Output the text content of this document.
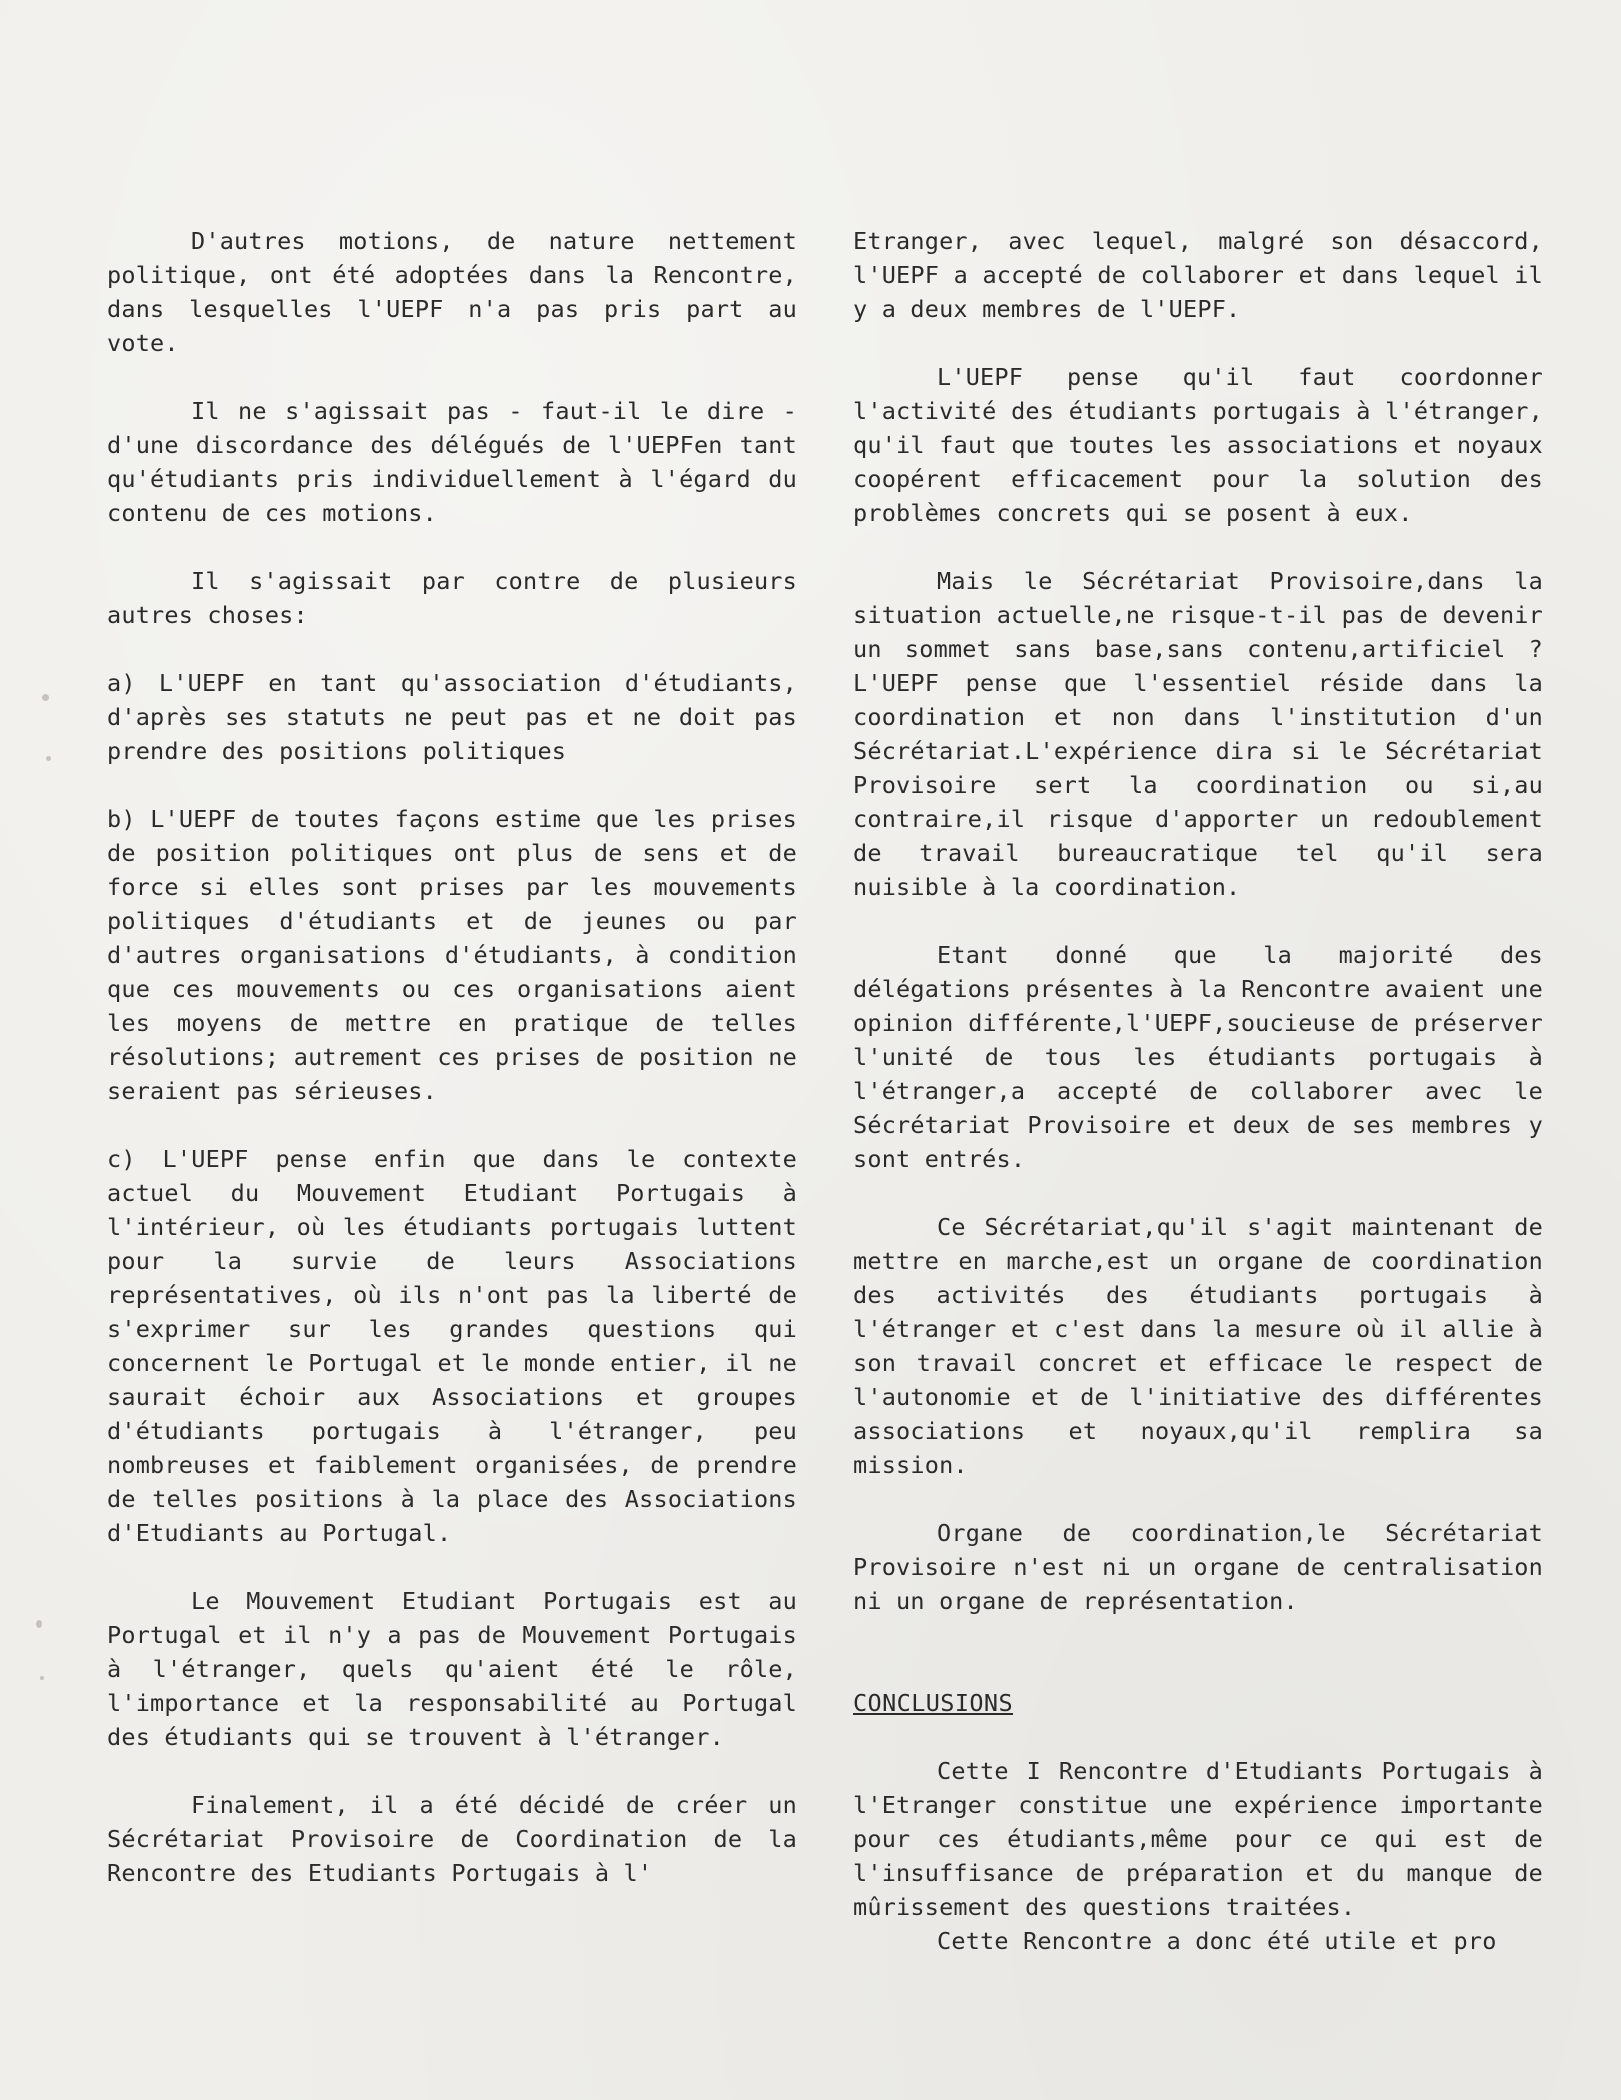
D'autres motions, de nature nettement politique, ont été adoptées dans la Rencontre, dans lesquelles l'UEPF n'a pas pris part au vote.

Il ne s'agissait pas - faut-il le dire -d'une discordance des délégués de l'UEPFen tant qu'étudiants pris individuellement à l'égard du contenu de ces motions.

Il s'agissait par contre de plusieurs autres choses:

a) L'UEPF en tant qu'association d'étudiants, d'après ses statuts ne peut pas et ne doit pas prendre des positions politiques

b) L'UEPF de toutes façons estime que les prises de position politiques ont plus de sens et de force si elles sont prises par les mouvements politiques d'étudiants et de jeunes ou par d'autres organisations d'étudiants, à condition que ces mouvements ou ces organisations aient les moyens de mettre en pratique de telles résolutions; autrement ces prises de position ne seraient pas sérieuses.

c) L'UEPF pense enfin que dans le contexte actuel du Mouvement Etudiant Portugais à l'intérieur, où les étudiants portugais luttent pour la survie de leurs Associations représentatives, où ils n'ont pas la liberté de s'exprimer sur les grandes questions qui concernent le Portugal et le monde entier, il ne saurait échoir aux Associations et groupes d'étudiants portugais à l'étranger, peu nombreuses et faiblement organisées, de prendre de telles positions à la place des Associations d'Etudiants au Portugal.

Le Mouvement Etudiant Portugais est au Portugal et il n'y a pas de Mouvement Portugais à l'étranger, quels qu'aient été le rôle, l'importance et la responsabilité au Portugal des étudiants qui se trouvent à l'étranger.

Finalement, il a été décidé de créer un Sécrétariat Provisoire de Coordination de la Rencontre des Etudiants Portugais à l'

Etranger, avec lequel, malgré son désaccord, l'UEPF a accepté de collaborer et dans lequel il y a deux membres de l'UEPF.

L'UEPF pense qu'il faut coordonner l'activité des étudiants portugais à l'étranger, qu'il faut que toutes les associations et noyaux coopérent efficacement pour la solution des problèmes concrets qui se posent à eux.

Mais le Sécrétariat Provisoire,dans la situation actuelle,ne risque-t-il pas de devenir un sommet sans base,sans contenu,artificiel ? L'UEPF pense que l'essentiel réside dans la coordination et non dans l'institution d'un Sécrétariat.L'expérience dira si le Sécrétariat Provisoire sert la coordination ou si,au contraire,il risque d'apporter un redoublement de travail bureaucratique tel qu'il sera nuisible à la coordination.

Etant donné que la majorité des délégations présentes à la Rencontre avaient une opinion différente,l'UEPF,soucieuse de préserver l'unité de tous les étudiants portugais à l'étranger,a accepté de collaborer avec le Sécrétariat Provisoire et deux de ses membres y sont entrés.

Ce Sécrétariat,qu'il s'agit maintenant de mettre en marche,est un organe de coordination des activités des étudiants portugais à l'étranger et c'est dans la mesure où il allie à son travail concret et efficace le respect de l'autonomie et de l'initiative des différentes associations et noyaux,qu'il remplira sa mission.

Organe de coordination,le Sécrétariat Provisoire n'est ni un organe de centralisation ni un organe de représentation.

CONCLUSIONS

Cette I Rencontre d'Etudiants Portugais à l'Etranger constitue une expérience importante pour ces étudiants,même pour ce qui est de l'insuffisance de préparation et du manque de mûrissement des questions traitées.

Cette Rencontre a donc été utile et pro
